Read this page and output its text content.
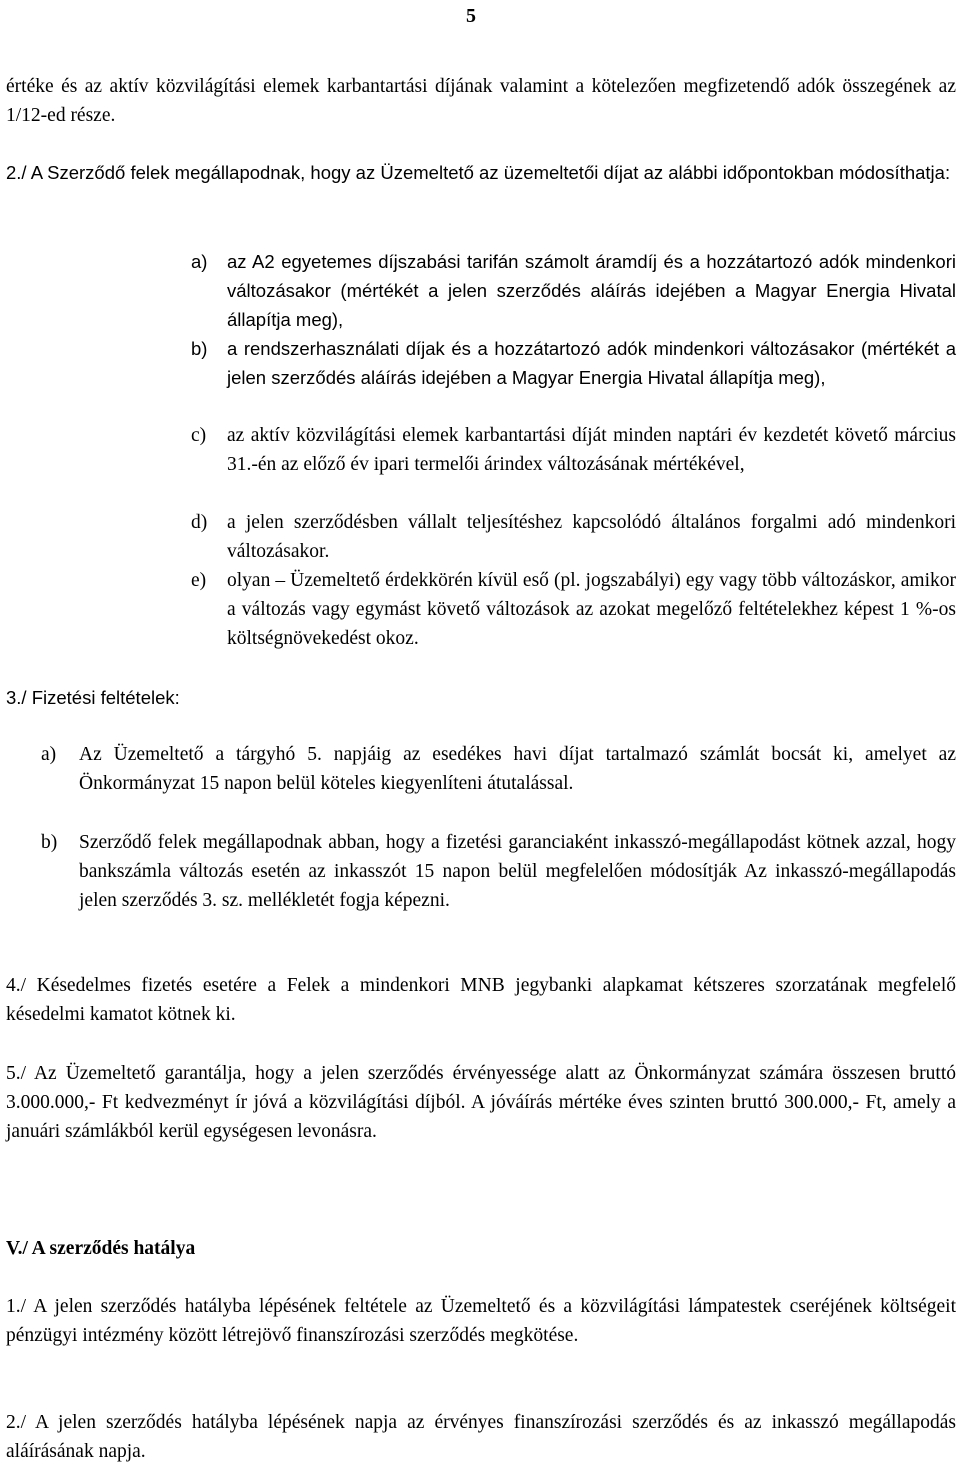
5
értéke és az aktív közvilágítási elemek karbantartási díjának valamint a kötelezően megfizetendő adók összegének az 1/12-ed része.
2./ A Szerződő felek megállapodnak, hogy az Üzemeltető az üzemeltetői díjat az alábbi időpontokban módosíthatja:
a) az A2 egyetemes díjszabási tarifán számolt áramdíj és a hozzátartozó adók mindenkori változásakor (mértékét a jelen szerződés aláírás idejében a Magyar Energia Hivatal állapítja meg),
b) a rendszerhasználati díjak és a hozzátartozó adók mindenkori változásakor (mértékét a jelen szerződés aláírás idejében a Magyar Energia Hivatal állapítja meg),
c) az aktív közvilágítási elemek karbantartási díját minden naptári év kezdetét követő március 31.-én az előző év ipari termelői árindex változásának mértékével,
d) a jelen szerződésben vállalt teljesítéshez kapcsolódó általános forgalmi adó mindenkori változásakor.
e) olyan – Üzemeltető érdekkörén kívül eső (pl. jogszabályi) egy vagy több változáskor, amikor a változás vagy egymást követő változások az azokat megelőző feltételekhez képest 1 %-os költségnövekedést okoz.
3./ Fizetési feltételek:
a) Az Üzemeltető a tárgyhó 5. napjáig az esedékes havi díjat tartalmazó számlát bocsát ki, amelyet az Önkormányzat 15 napon belül köteles kiegyenlíteni átutalással.
b) Szerződő felek megállapodnak abban, hogy a fizetési garanciaként inkasszó-megállapodást kötnek azzal, hogy bankszámla változás esetén az inkasszót 15 napon belül megfelelően módosítják Az inkasszó-megállapodás jelen szerződés 3. sz. mellékletét fogja képezni.
4./ Késedelmes fizetés esetére a Felek a mindenkori MNB jegybanki alapkamat kétszeres szorzatának megfelelő késedelmi kamatot kötnek ki.
5./ Az Üzemeltető garantálja, hogy a jelen szerződés érvényessége alatt az Önkormányzat számára összesen bruttó 3.000.000,- Ft kedvezményt ír jóvá a közvilágítási díjból. A jóváírás mértéke éves szinten bruttó 300.000,- Ft, amely a januári számlákból kerül egységesen levonásra.
V./ A szerződés hatálya
1./ A jelen szerződés hatályba lépésének feltétele az Üzemeltető és a közvilágítási lámpatestek cseréjének költségeit pénzügyi intézmény között létrejövő finanszírozási szerződés megkötése.
2./ A jelen szerződés hatályba lépésének napja az érvényes finanszírozási szerződés és az inkasszó megállapodás aláírásának napja.
